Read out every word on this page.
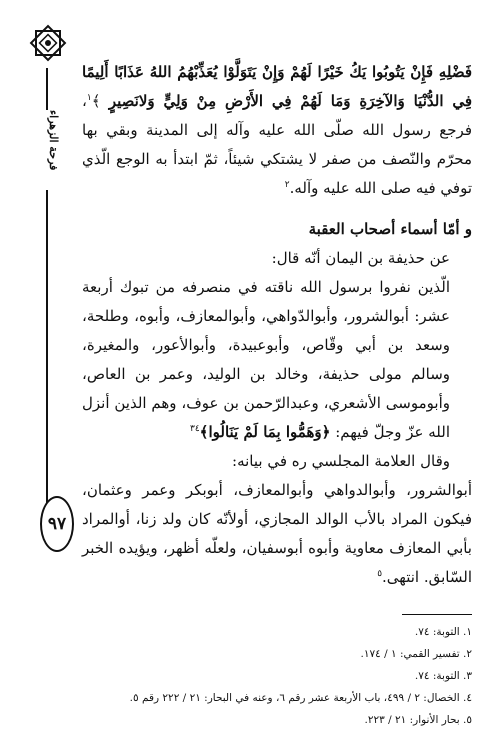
فرحة الزهراء
٩٧

فَضْلِهِ فَإِنْ يَتُوبُوا يَكُ خَيْرًا لَهُمْ وَإِنْ يَتَوَلَّوْا يُعَذِّبْهُمُ اللهُ عَذَابًا أَلِيمًا فِي الدُّنْيَا وَالآخِرَةِ وَمَا لَهُمْ فِي الأَرْضِ مِنْ وَلِيٍّ وَلانَصِيرٍ ﴾$^١$، فرجع رسول الله صلّى الله عليه وآله إلى المدينة وبقي بها محرّم والنّصف من صفر لا يشتكي شيئاً، ثمّ ابتدأ به الوجع الّذي توفي فيه صلى الله عليه وآله.$^٢$

و أمّا أسماء أصحاب العقبة

عن حذيفة بن اليمان أنّه قال:

الّذين نفروا برسول الله ناقته في منصرفه من تبوك أربعة عشر: أبوالشرور، وأبوالدّواهي، وأبوالمعازف، وأبوه، وطلحة، وسعد بن أبي وقّاص، وأبوعبيدة، وأبوالأعور، والمغيرة، وسالم مولى حذيفة، وخالد بن الوليد، وعمر بن العاص، وأبوموسى الأشعري، وعبدالرّحمن بن عوف، وهم الذين أنزل الله عزّ وجلّ فيهم: ﴿وَهَمُّوا بِمَا لَمْ يَنَالُوا﴾$^{٣٤}$

وقال العلامة المجلسي ره في بيانه:

أبوالشرور، وأبوالدواهي وأبوالمعازف، أبوبكر وعمر وعثمان، فيكون المراد بالأب الوالد المجازي، أولأنّه كان ولد زنا، أوالمراد بأبي المعازف معاوية وأبوه أبوسفيان، ولعلّه أظهر، ويؤيده الخبر السّابق. انتهى.$^٥$

١. التوبة: ٧٤.

٢. تفسير القمي: ١ / ١٧٤.

٣. التوبة: ٧٤.

٤. الخصال: ٢ / ٤٩٩، باب الأربعة عشر رقم ٦، وعنه في البحار: ٢١ / ٢٢٢ رقم ٥.

٥. بحار الأنوار: ٢١ / ٢٢٣.
